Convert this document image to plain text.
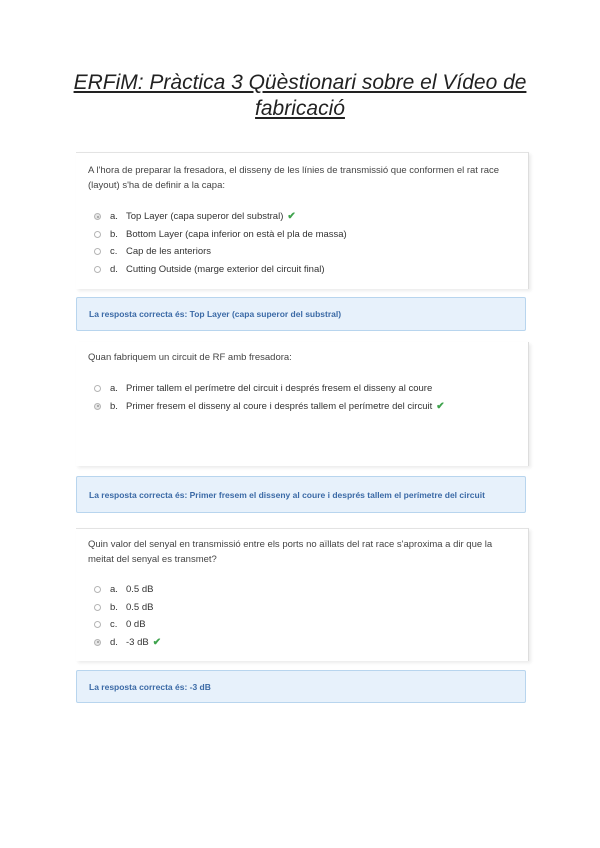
ERFiM: Pràctica 3 Qüèstionari sobre el Vídeo de fabricació
A l'hora de preparar la fresadora, el disseny de les línies de transmissió que conformen el rat race (layout) s'ha de definir a la capa:
a. Top Layer (capa superor del substral) ✔
b. Bottom Layer (capa inferior on està el pla de massa)
c. Cap de les anteriors
d. Cutting Outside (marge exterior del circuit final)
La resposta correcta és: Top Layer (capa superor del substral)
Quan fabriquem un circuit de RF amb fresadora:
a. Primer tallem el perímetre del circuit i després fresem el disseny al coure
b. Primer fresem el disseny al coure i després tallem el perímetre del circuit ✔
La resposta correcta és: Primer fresem el disseny al coure i després tallem el perímetre del circuit
Quin valor del senyal en transmissió entre els ports no aïllats del rat race s'aproxima a dir que la meitat del senyal es transmet?
a. 0.5 dB
b. 0.5 dB
c. 0 dB
d. -3 dB ✔
La resposta correcta és: -3 dB
